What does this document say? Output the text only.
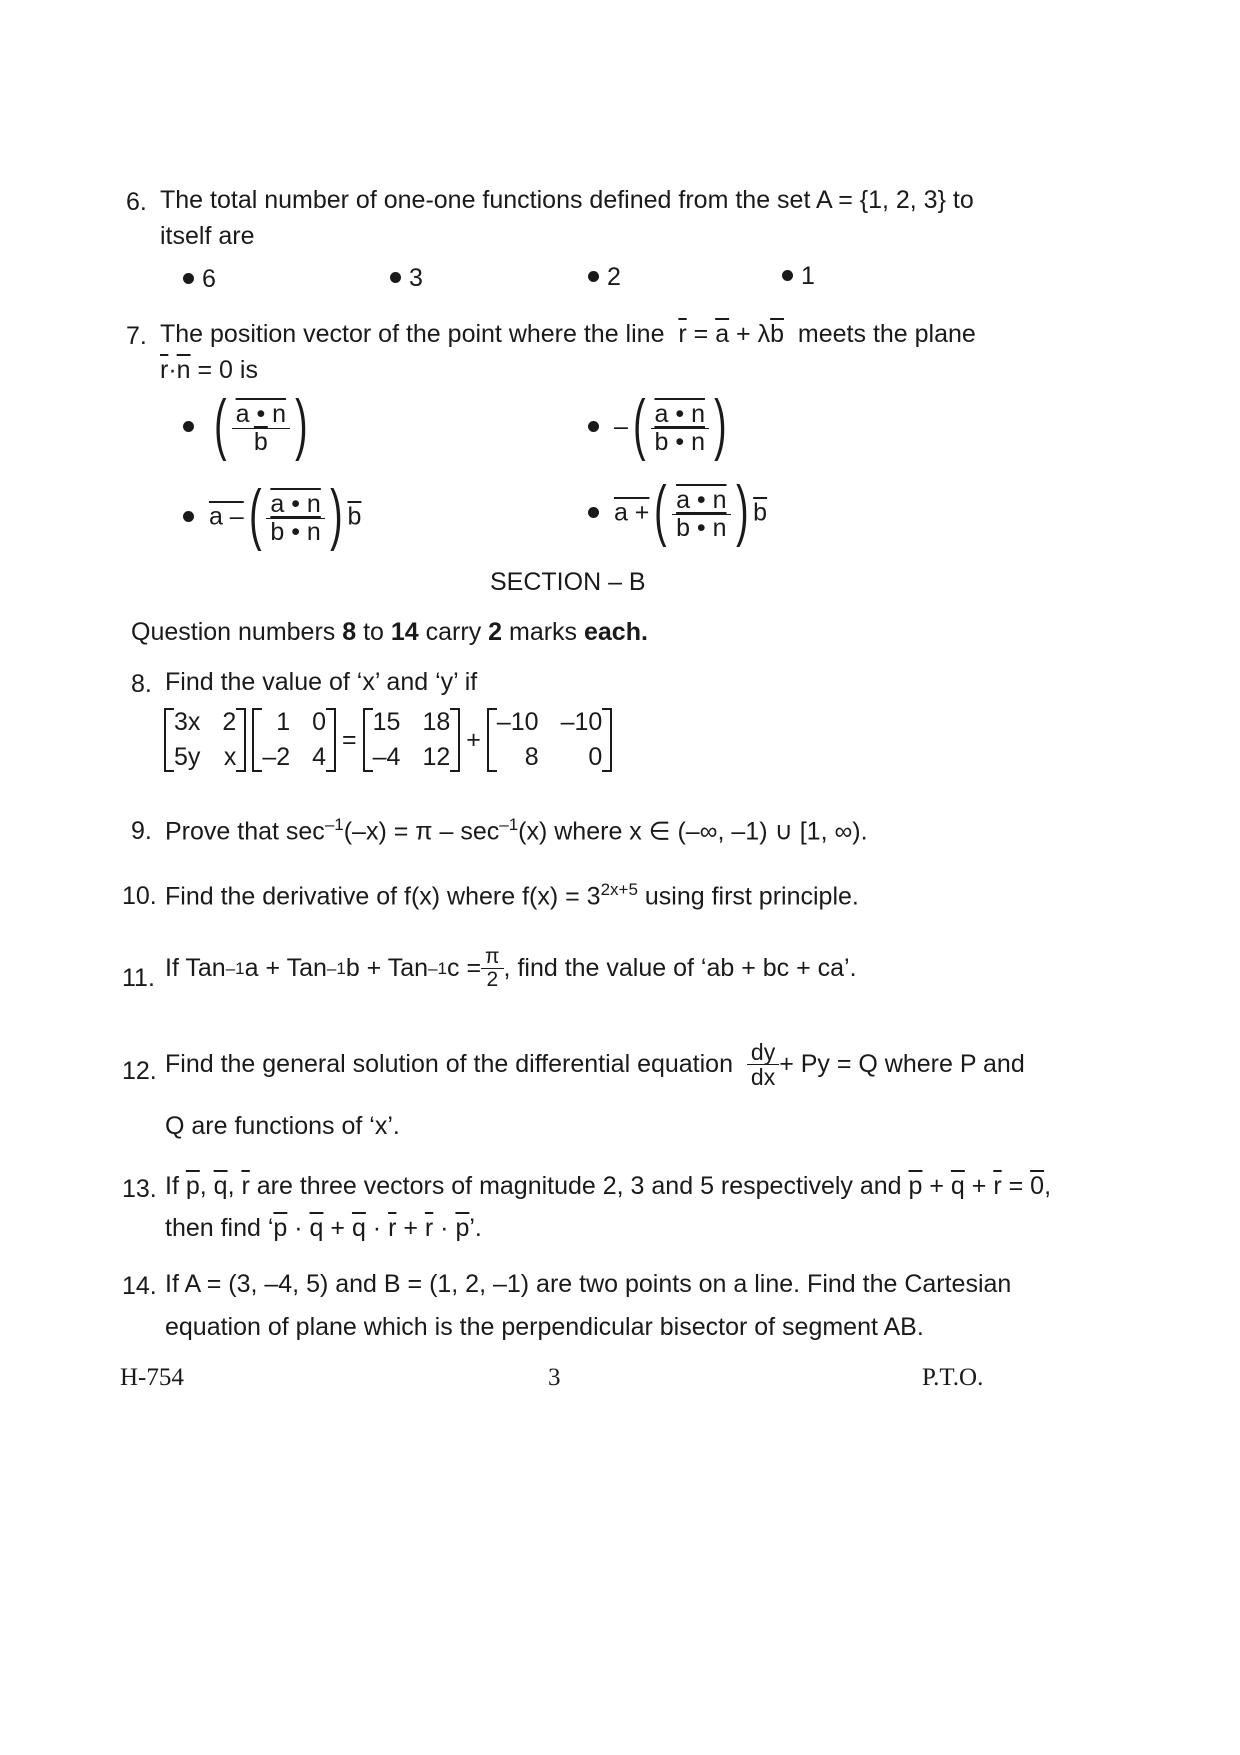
6. The total number of one-one functions defined from the set A = {1, 2, 3} to
itself are
6	3	2	1
7. The position vector of the point where the line $\overline{r} = \overline{a} + \lambda\overline{b}$ meets the plane
$\overline{r}\cdot\overline{n} = 0$ is

( $\frac{a • n}{b}$ )	– ( $\frac{a • n}{b • n}$ )
a – ( $\frac{a • n}{b • n}$ ) $\overline{b}$	a + ( $\frac{a • n}{b • n}$ ) $\overline{b}$
SECTION – B
Question numbers 8 to 14 carry 2 marks each.
8. Find the value of ‘x’ and ‘y’ if
3x 2
5y x
1 0
–2 4
=
15 18
–4 12
+
–10 –10
8	0
9. Prove that $\sec^{-1}(-x) = \pi - \sec^{-1}(x)$ where x ∈ (–∞, –1) ∪ [1, ∞).
10. Find the derivative of f(x) where $f(x) = 3^{2x+5}$ using first principle.
11. If Tan –1 a + Tan –1 b + Tan –1 $c = \frac{\pi}{2}$ , find the value of ‘ab + bc + ca’.
12. Find the general solution of the differential equation
$\frac{dy}{dx} + Py = Q$ where P and
Q are functions of ‘x’.
13. If $\overline{p}$, $\overline{q}$, $\overline{r}$ are three vectors of magnitude 2, 3 and 5 respectively and $\overline{p} + \overline{q} + \overline{r} = 0$,
then find ‘$\overline{p} \cdot \overline{q} + \overline{q} \cdot \overline{r} + \overline{r} \cdot \overline{p}$’.
14. If A = (3, –4, 5) and B = (1, 2, –1) are two points on a line. Find the Cartesian
equation of plane which is the perpendicular bisector of segment AB.
H-754	3	P.T.O.
